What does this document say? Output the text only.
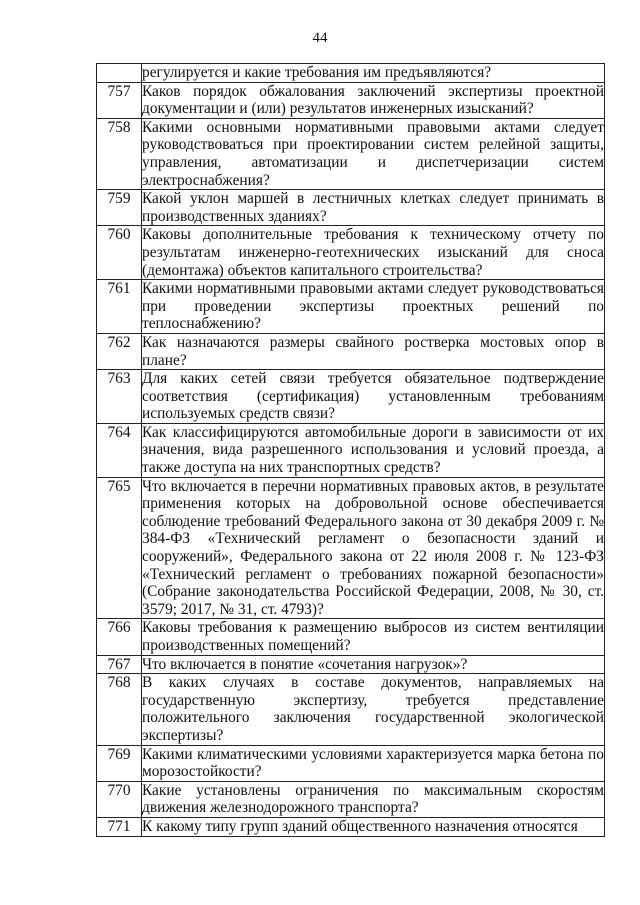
44
	регулируется и какие требования им предъявляются?
757	Каков порядок обжалования заключений экспертизы проектной документации и (или) результатов инженерных изысканий?
758	Какими основными нормативными правовыми актами следует руководствоваться при проектировании систем релейной защиты, управления, автоматизации и диспетчеризации систем электроснабжения?
759	Какой уклон маршей в лестничных клетках следует принимать в производственных зданиях?
760	Каковы дополнительные требования к техническому отчету по результатам инженерно-геотехнических изысканий для сноса (демонтажа) объектов капитального строительства?
761	Какими нормативными правовыми актами следует руководствоваться при проведении экспертизы проектных решений по теплоснабжению?
762	Как назначаются размеры свайного ростверка мостовых опор в плане?
763	Для каких сетей связи требуется обязательное подтверждение соответствия (сертификация) установленным требованиям используемых средств связи?
764	Как классифицируются автомобильные дороги в зависимости от их значения, вида разрешенного использования и условий проезда, а также доступа на них транспортных средств?
765	Что включается в перечни нормативных правовых актов, в результате применения которых на добровольной основе обеспечивается соблюдение требований Федерального закона от 30 декабря 2009 г. № 384-ФЗ «Технический регламент о безопасности зданий и сооружений», Федерального закона от 22 июля 2008 г. № 123-ФЗ «Технический регламент о требованиях пожарной безопасности» (Собрание законодательства Российской Федерации, 2008, № 30, ст. 3579; 2017, № 31, ст. 4793)?
766	Каковы требования к размещению выбросов из систем вентиляции производственных помещений?
767	Что включается в понятие «сочетания нагрузок»?
768	В каких случаях в составе документов, направляемых на государственную экспертизу, требуется представление положительного заключения государственной экологической экспертизы?
769	Какими климатическими условиями характеризуется марка бетона по морозостойкости?
770	Какие установлены ограничения по максимальным скоростям движения железнодорожного транспорта?
771	К какому типу групп зданий общественного назначения относятся
